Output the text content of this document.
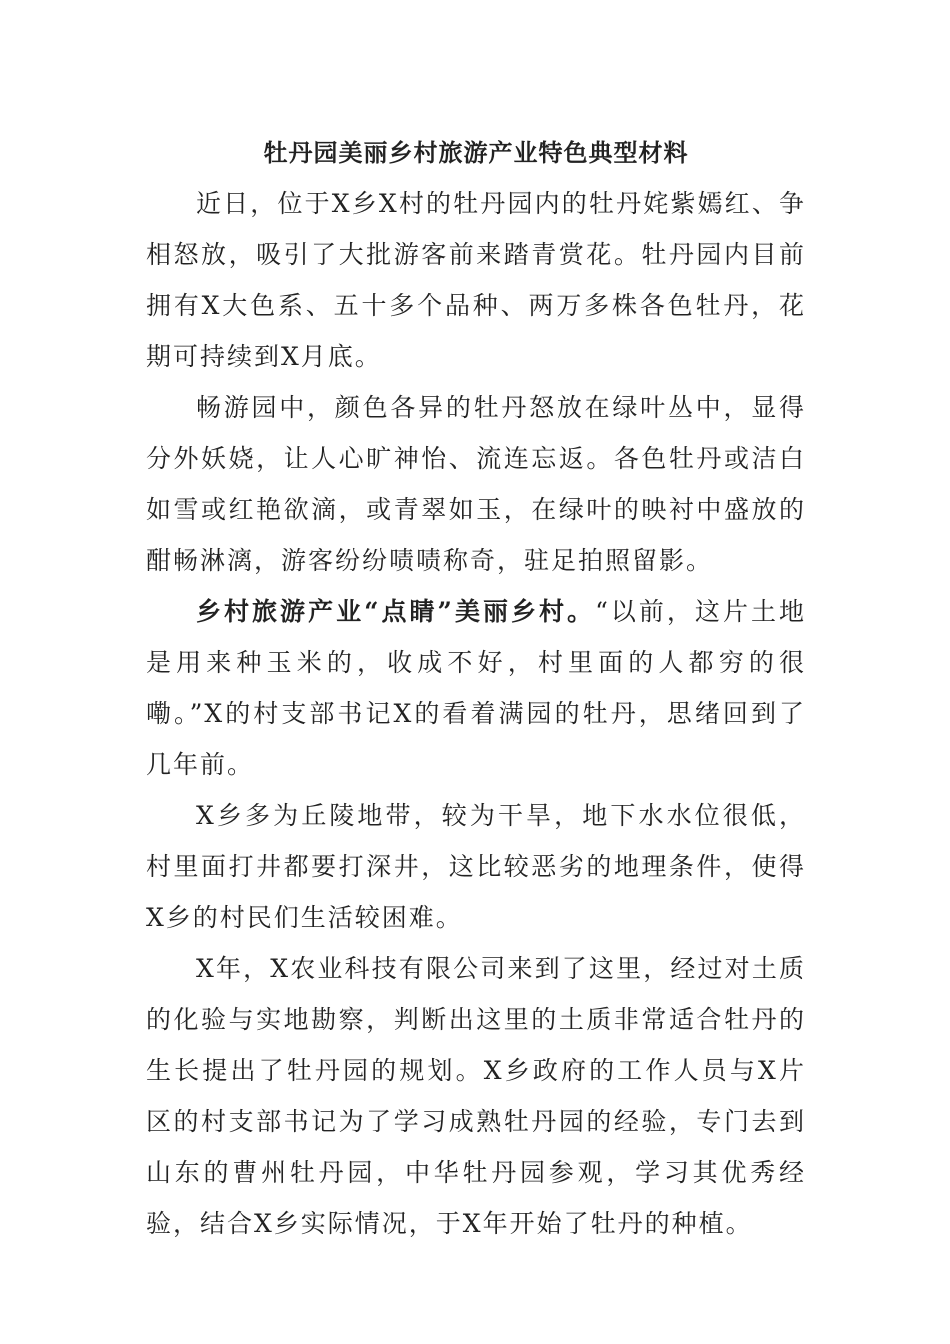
牡丹园美丽乡村旅游产业特色典型材料

近日，位于X乡X村的牡丹园内的牡丹姹紫嫣红、争相怒放，吸引了大批游客前来踏青赏花。牡丹园内目前拥有X大色系、五十多个品种、两万多株各色牡丹，花期可持续到X月底。

畅游园中，颜色各异的牡丹怒放在绿叶丛中，显得分外妖娆，让人心旷神怡、流连忘返。各色牡丹或洁白如雪或红艳欲滴，或青翠如玉，在绿叶的映衬中盛放的酣畅淋漓，游客纷纷啧啧称奇，驻足拍照留影。

乡村旅游产业“点睛”美丽乡村。“以前，这片土地是用来种玉米的，收成不好，村里面的人都穷的很嘞。”X的村支部书记X的看着满园的牡丹，思绪回到了几年前。

X乡多为丘陵地带，较为干旱，地下水水位很低，村里面打井都要打深井，这比较恶劣的地理条件，使得X乡的村民们生活较困难。

X年，X农业科技有限公司来到了这里，经过对土质的化验与实地勘察，判断出这里的土质非常适合牡丹的生长提出了牡丹园的规划。X乡政府的工作人员与X片区的村支部书记为了学习成熟牡丹园的经验，专门去到山东的曹州牡丹园，中华牡丹园参观，学习其优秀经验，结合X乡实际情况，于X年开始了牡丹的种植。
